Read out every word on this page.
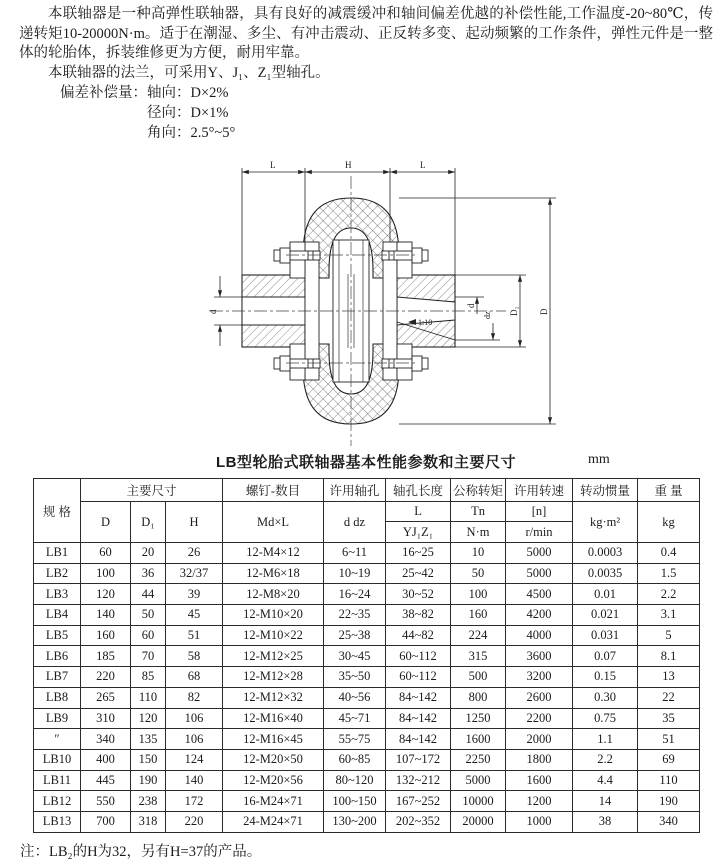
本联轴器是一种高弹性联轴器，具有良好的减震缓冲和轴间偏差优越的补偿性能,工作温度-20~80℃，传递转矩10-20000N·m。适于在潮湿、多尘、有冲击震动、正反转多变、起动频繁的工作条件，弹性元件是一整体的轮胎体，拆装维修更为方便，耐用牢靠。

本联轴器的法兰，可采用Y、J₁、Z₁型轴孔。

偏差补偿量： 轴向：D×2%
径向：D×1%
角向：2.5°~5°
1:10
L	H	L
d
d
dz D₁ D
LB型轮胎式联轴器基本性能参数和主要尺寸	mm
规 格	主要尺寸			螺钉-数目	许用轴孔	轴孔长度	公称转矩	许用转速	转动惯量	重 量
	D	D₁	H	Md×L	d dz	L	Tn	[n]	kg·m²	kg
						YJ₁Z₁	N·m	r/min		
LB1	60	20	26	12-M4×12	6~11	16~25	10	5000	0.0003	0.4
LB2	100	36	32/37	12-M6×18	10~19	25~42	50	5000	0.0035	1.5
LB3	120	44	39	12-M8×20	16~24	30~52	100	4500	0.01	2.2
LB4	140	50	45	12-M10×20	22~35	38~82	160	4200	0.021	3.1
LB5	160	60	51	12-M10×22	25~38	44~82	224	4000	0.031	5
LB6	185	70	58	12-M12×25	30~45	60~112	315	3600	0.07	8.1
LB7	220	85	68	12-M12×28	35~50	60~112	500	3200	0.15	13
LB8	265	110	82	12-M12×32	40~56	84~142	800	2600	0.30	22
LB9	310	120	106	12-M16×40	45~71	84~142	1250	2200	0.75	35
″	340	135	106	12-M16×45	55~75	84~142	1600	2000	1.1	51
LB10	400	150	124	12-M20×50	60~85	107~172	2250	1800	2.2	69
LB11	445	190	140	12-M20×56	80~120	132~212	5000	1600	4.4	110
LB12	550	238	172	16-M24×71	100~150	167~252	10000	1200	14	190
LB13	700	318	220	24-M24×71	130~200	202~352	20000	1000	38	340
注：LB₂的H为32，另有H=37的产品。
